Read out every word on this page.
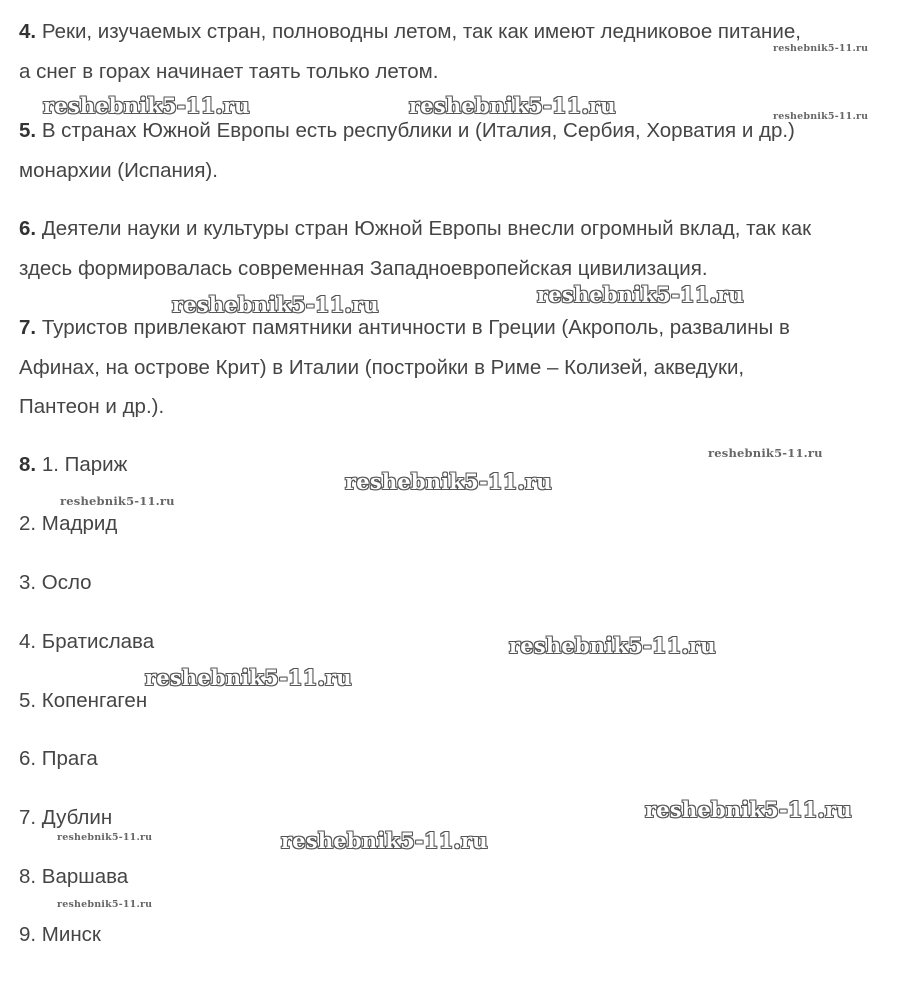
4. Реки, изучаемых стран, полноводны летом, так как имеют ледниковое питание,
а снег в горах начинает таять только летом.
5. В странах Южной Европы есть республики и (Италия, Сербия, Хорватия и др.)
монархии (Испания).
6. Деятели науки и культуры стран Южной Европы внесли огромный вклад, так как
здесь формировалась современная Западноевропейская цивилизация.
7. Туристов привлекают памятники античности в Греции (Акрополь, развалины в
Афинах, на острове Крит) в Италии (постройки в Риме – Колизей, акведуки,
Пантеон и др.).
8. 1. Париж
2. Мадрид
3. Осло
4. Братислава
5. Копенгаген
6. Прага
7. Дублин
8. Варшава
9. Минск
reshebnik5-11.ru
reshebnik5-11.ru	reshebnik5-11.ru	reshebnik5-11.ru
reshebnik5-11.ru	reshebnik5-11.ru
reshebnik5-11.ru
reshebnik5-11.ru
reshebnik5-11.ru
reshebnik5-11.ru
reshebnik5-11.ru
reshebnik5-11.ru
reshebnik5-11.ru	reshebnik5-11.ru
reshebnik5-11.ru
